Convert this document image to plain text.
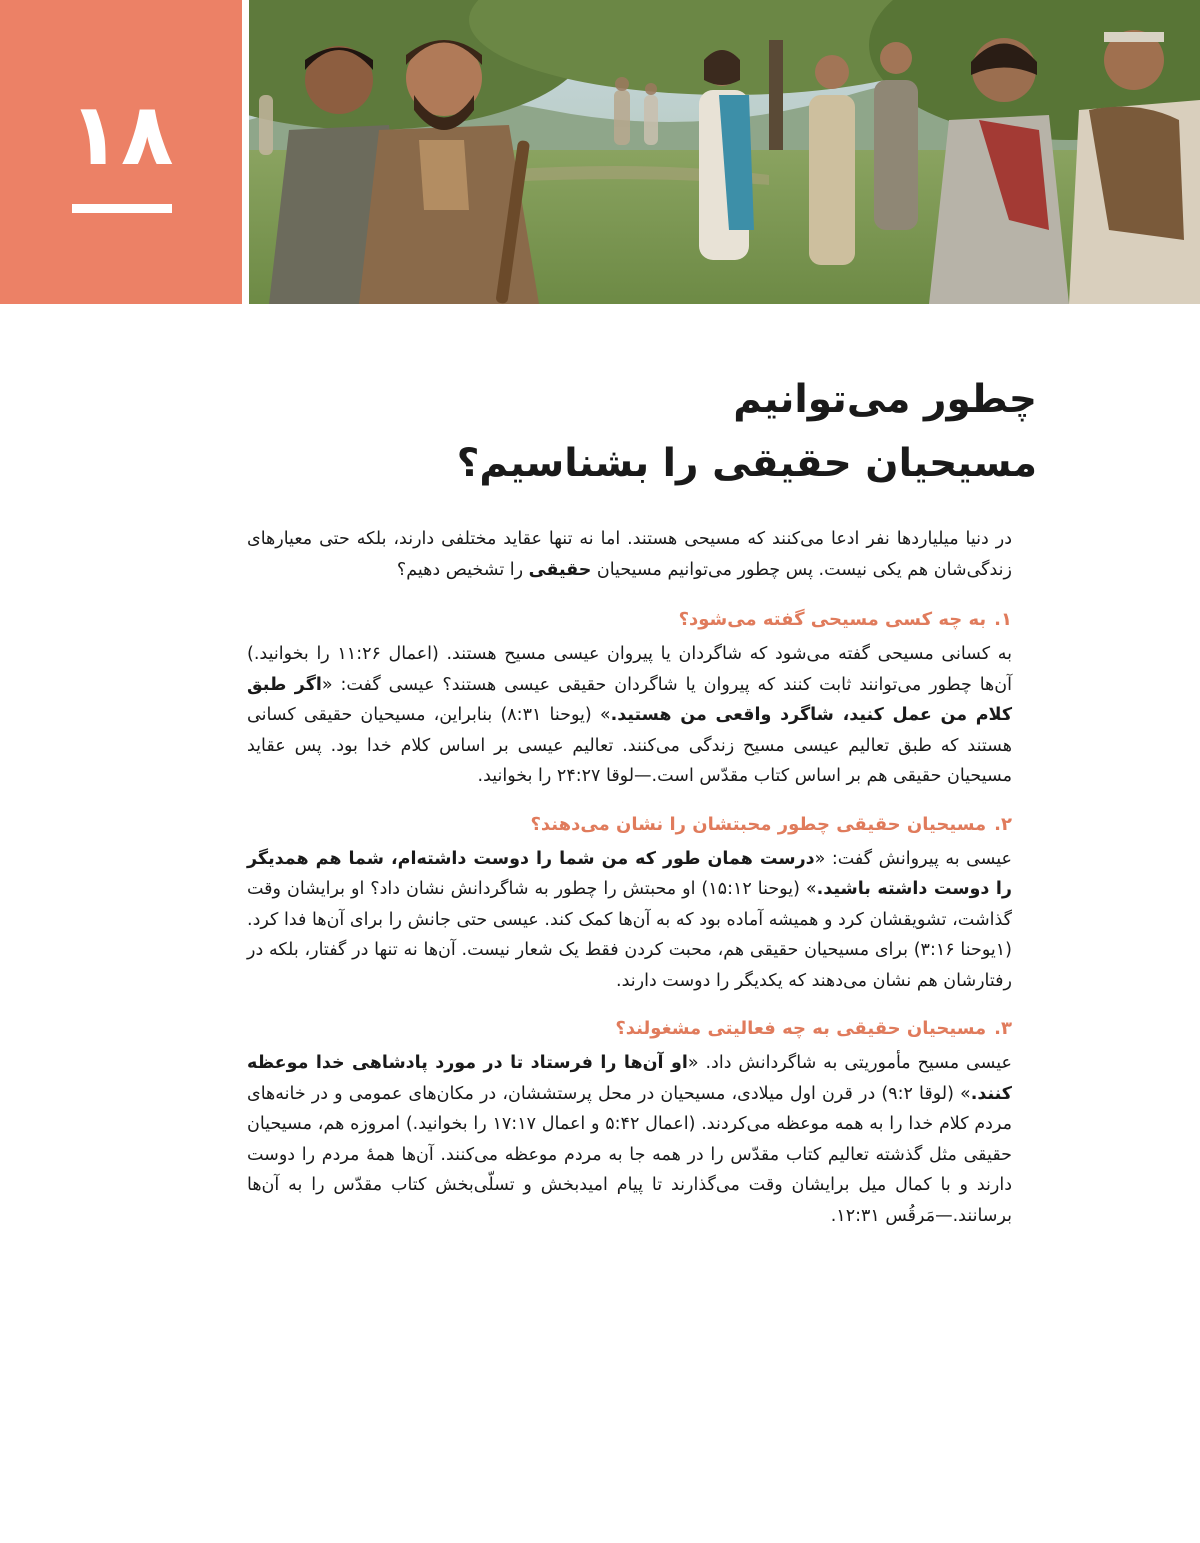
۱۸
چطور می‌توانیم
مسیحیان حقیقی را بشناسیم؟

در دنیا میلیاردها نفر ادعا می‌کنند که مسیحی هستند. اما نه تنها عقاید مختلفی دارند، بلکه حتی معیارهای زندگی‌شان هم یکی نیست. پس چطور می‌توانیم مسیحیان حقیقی را تشخیص دهیم؟

۱.به چه کسی مسیحی گفته می‌شود؟

به کسانی مسیحی گفته می‌شود که شاگردان یا پیروان عیسی مسیح هستند. (اعمال ۱۱:۲۶ را بخوانید.) آن‌ها چطور می‌توانند ثابت کنند که پیروان یا شاگردان حقیقی عیسی هستند؟ عیسی گفت: «اگر طبق کلام من عمل کنید، شاگرد واقعی من هستید.» (یوحنا ۸:۳۱) بنابراین، مسیحیان حقیقی کسانی هستند که طبق تعالیم عیسی مسیح زندگی می‌کنند. تعالیم عیسی بر اساس کلام خدا بود. پس عقاید مسیحیان حقیقی هم بر اساس کتاب مقدّس است.—لوقا ۲۴:۲۷ را بخوانید.

۲.مسیحیان حقیقی چطور محبتشان را نشان می‌دهند؟

عیسی به پیروانش گفت: «درست همان طور که من شما را دوست داشته‌ام، شما هم همدیگر را دوست داشته باشید.» (یوحنا ۱۵:۱۲) او محبتش را چطور به شاگردانش نشان داد؟ او برایشان وقت گذاشت، تشویقشان کرد و همیشه آماده بود که به آن‌ها کمک کند. عیسی حتی جانش را برای آن‌ها فدا کرد. (۱یوحنا ۳:۱۶) برای مسیحیان حقیقی هم، محبت کردن فقط یک شعار نیست. آن‌ها نه تنها در گفتار، بلکه در رفتارشان هم نشان می‌دهند که یکدیگر را دوست دارند.

۳.مسیحیان حقیقی به چه فعالیتی مشغولند؟

عیسی مسیح مأموریتی به شاگردانش داد. «او آن‌ها را فرستاد تا در مورد پادشاهی خدا موعظه کنند.» (لوقا ۹:۲) در قرن اول میلادی، مسیحیان در محل پرستششان، در مکان‌های عمومی و در خانه‌های مردم کلام خدا را به همه موعظه می‌کردند. (اعمال ۵:۴۲ و اعمال ۱۷:۱۷ را بخوانید.) امروزه هم، مسیحیان حقیقی مثل گذشته تعالیم کتاب مقدّس را در همه جا به مردم موعظه می‌کنند. آن‌ها همهٔ مردم را دوست دارند و با کمال میل برایشان وقت می‌گذارند تا پیام امیدبخش و تسلّی‌بخش کتاب مقدّس را به آن‌ها برسانند.—مَرقُس ۱۲:۳۱.
